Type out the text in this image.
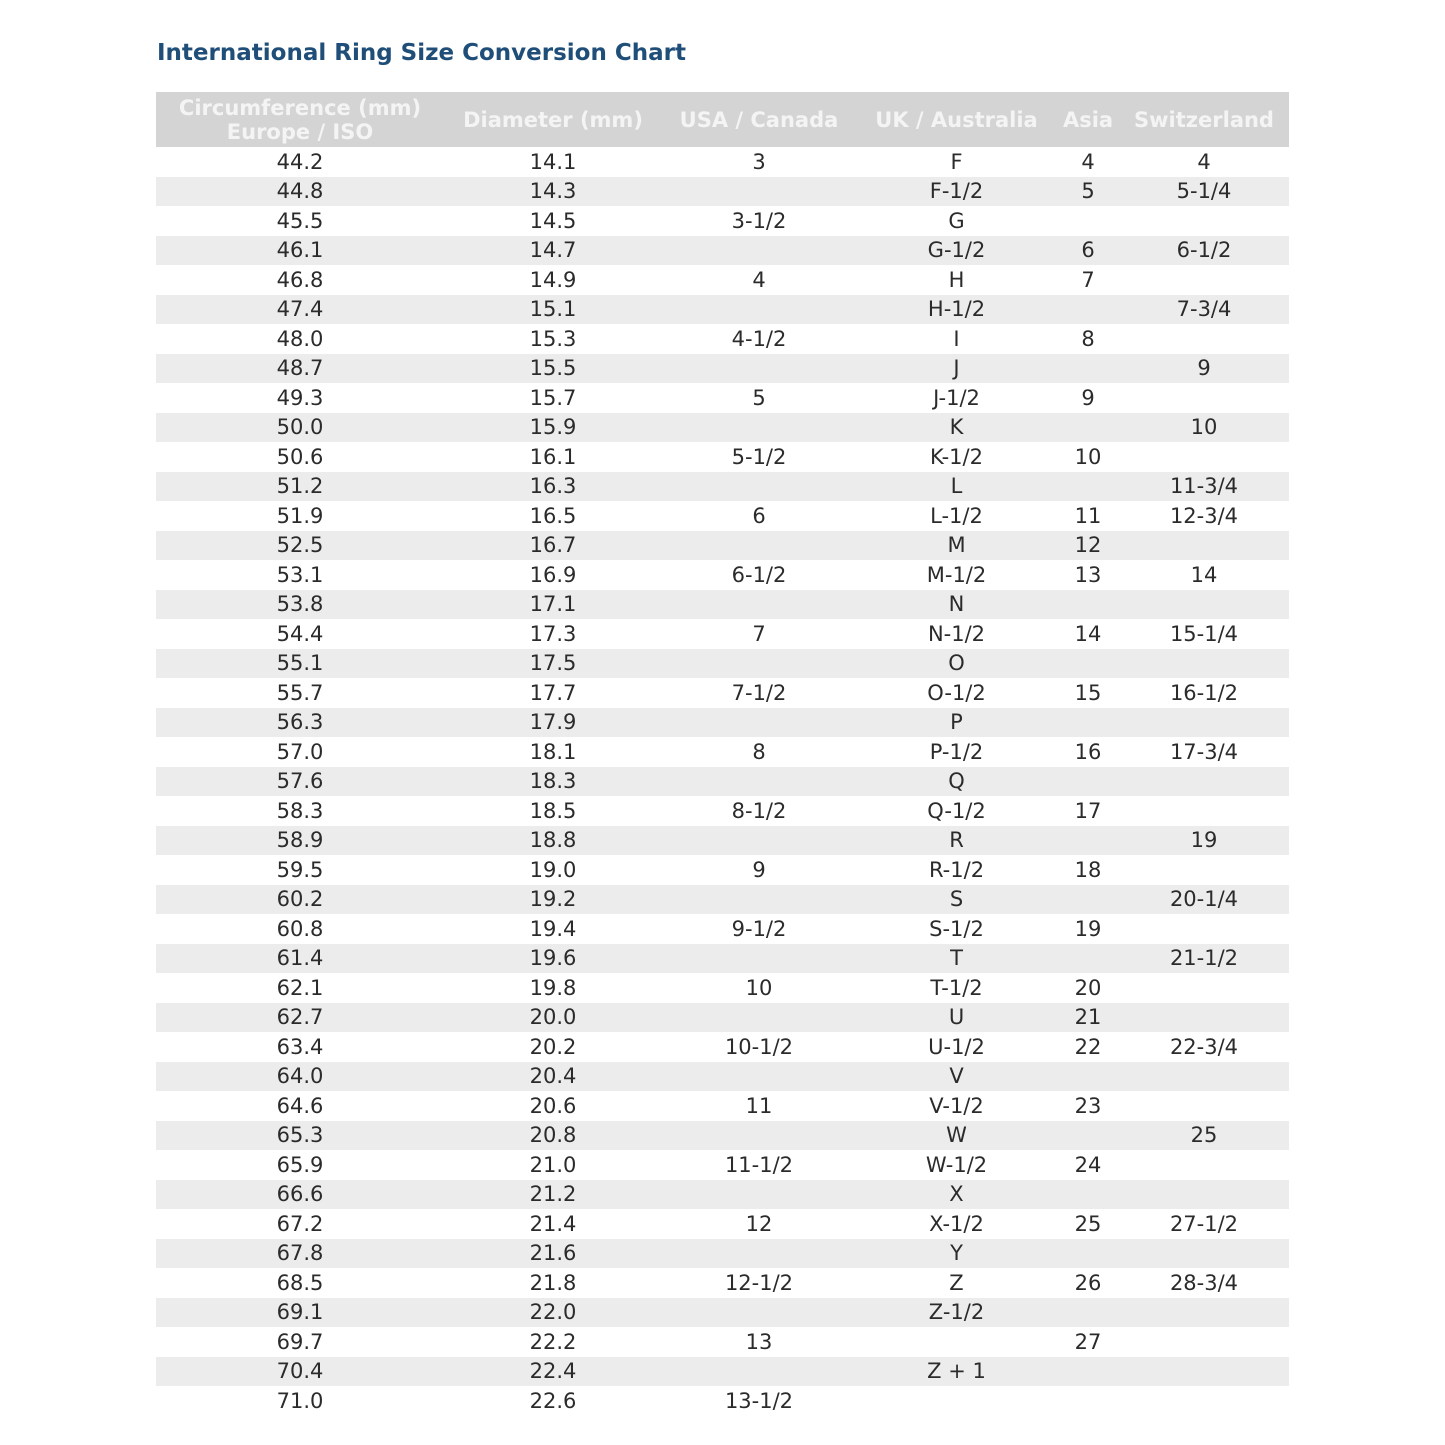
International Ring Size Conversion Chart
Circumference (mm)
Europe / ISO	Diameter (mm)	USA / Canada	UK / Australia	Asia	Switzerland
44.2	14.1	3	F	4	4
44.8	14.3		F-1/2	5	5-1/4
45.5	14.5	3-1/2	G		
46.1	14.7		G-1/2	6	6-1/2
46.8	14.9	4	H	7	
47.4	15.1		H-1/2		7-3/4
48.0	15.3	4-1/2	I	8	
48.7	15.5		J		9
49.3	15.7	5	J-1/2	9	
50.0	15.9		K		10
50.6	16.1	5-1/2	K-1/2	10	
51.2	16.3		L		11-3/4
51.9	16.5	6	L-1/2	11	12-3/4
52.5	16.7		M	12	
53.1	16.9	6-1/2	M-1/2	13	14
53.8	17.1		N		
54.4	17.3	7	N-1/2	14	15-1/4
55.1	17.5		O		
55.7	17.7	7-1/2	O-1/2	15	16-1/2
56.3	17.9		P		
57.0	18.1	8	P-1/2	16	17-3/4
57.6	18.3		Q		
58.3	18.5	8-1/2	Q-1/2	17	
58.9	18.8		R		19
59.5	19.0	9	R-1/2	18	
60.2	19.2		S		20-1/4
60.8	19.4	9-1/2	S-1/2	19	
61.4	19.6		T		21-1/2
62.1	19.8	10	T-1/2	20	
62.7	20.0		U	21	
63.4	20.2	10-1/2	U-1/2	22	22-3/4
64.0	20.4		V		
64.6	20.6	11	V-1/2	23	
65.3	20.8		W		25
65.9	21.0	11-1/2	W-1/2	24	
66.6	21.2		X		
67.2	21.4	12	X-1/2	25	27-1/2
67.8	21.6		Y		
68.5	21.8	12-1/2	Z	26	28-3/4
69.1	22.0		Z-1/2		
69.7	22.2	13		27	
70.4	22.4		Z + 1		
71.0	22.6	13-1/2			
